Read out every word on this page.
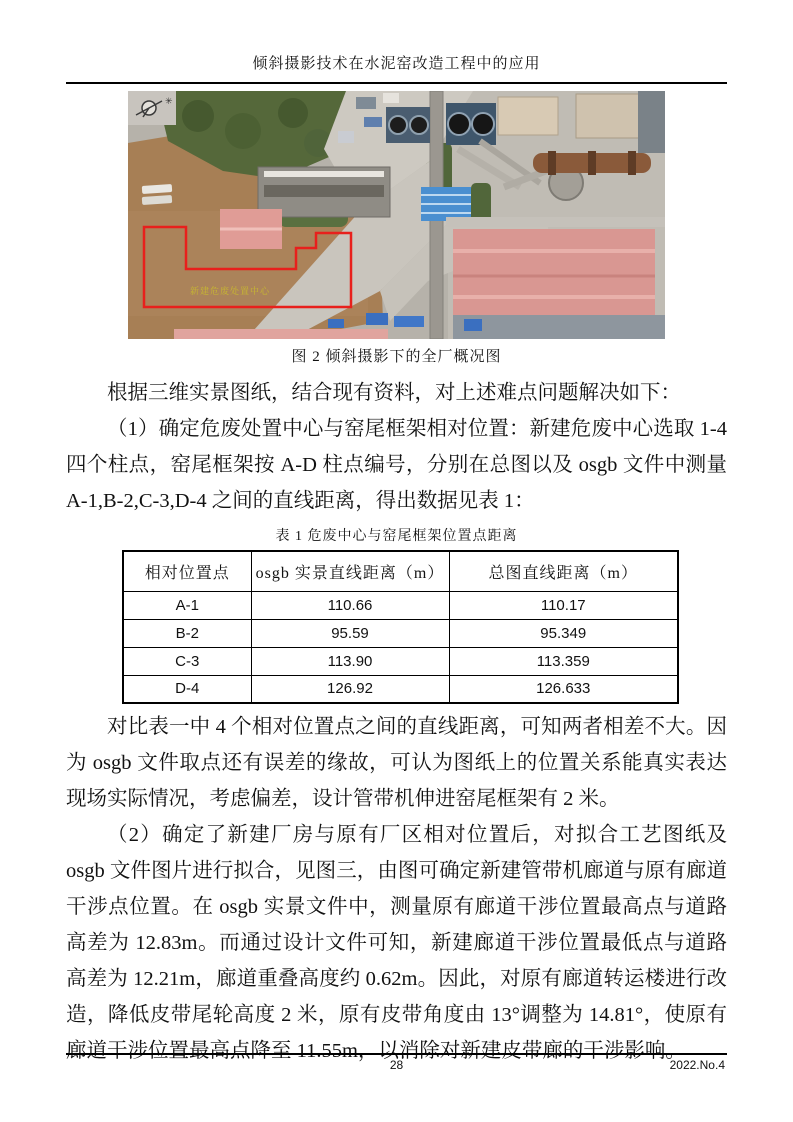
倾斜摄影技术在水泥窑改造工程中的应用
新建危废处置中心
✳
图 2 倾斜摄影下的全厂概况图

根据三维实景图纸，结合现有资料，对上述难点问题解决如下：

（1）确定危废处置中心与窑尾框架相对位置：新建危废中心选取 1-4 四个柱点，窑尾框架按 A-D 柱点编号，分别在总图以及 osgb 文件中测量 A-1,B-2,C-3,D-4 之间的直线距离，得出数据见表 1：

表 1 危废中心与窑尾框架位置点距离
相对位置点	osgb 实景直线距离（m）	总图直线距离（m）
A-1	110.66	110.17
B-2	95.59	95.349
C-3	113.90	113.359
D-4	126.92	126.633

对比表一中 4 个相对位置点之间的直线距离，可知两者相差不大。因为 osgb 文件取点还有误差的缘故，可认为图纸上的位置关系能真实表达现场实际情况，考虑偏差，设计管带机伸进窑尾框架有 2 米。

（2）确定了新建厂房与原有厂区相对位置后，对拟合工艺图纸及 osgb 文件图片进行拟合，见图三，由图可确定新建管带机廊道与原有廊道干涉点位置。在 osgb 实景文件中，测量原有廊道干涉位置最高点与道路高差为 12.83m。而通过设计文件可知，新建廊道干涉位置最低点与道路高差为 12.21m，廊道重叠高度约 0.62m。因此，对原有廊道转运楼进行改造，降低皮带尾轮高度 2 米，原有皮带角度由 13°调整为 14.81°，使原有廊道干涉位置最高点降至 11.55m，以消除对新建皮带廊的干涉影响。

28	2022.No.4
